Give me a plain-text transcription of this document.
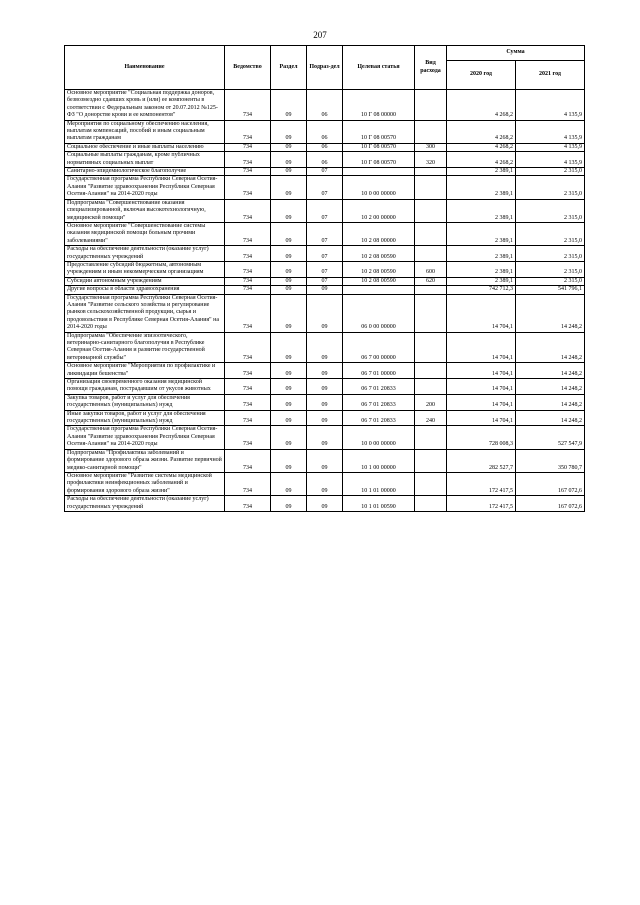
207
Наименование	Ведомство	Раздел	Подраз-дел	Целевая статья	Вид расхода	Сумма	
						2020 год	2021 год
Основное мероприятие "Социальная поддержка доноров, безвозмездно сдавших кровь и (или) ее компоненты в соответствии с Федеральным законом от 20.07.2012 №125-ФЗ "О донорстве крови и ее компонентов"	734	09	06	10 Г 08 00000		4 268,2	4 135,9
Мероприятия по социальному обеспечению населения, выплатам компенсаций, пособий и иным социальным выплатам гражданам	734	09	06	10 Г 08 00570		4 268,2	4 135,9
Социальное обеспечение и иные выплаты населению	734	09	06	10 Г 08 00570	300	4 268,2	4 135,9
Социальные выплаты гражданам, кроме публичных нормативных социальных выплат	734	09	06	10 Г 08 00570	320	4 268,2	4 135,9
Санитарно-эпидемиологическое благополучие	734	09	07			2 389,1	2 315,0
Государственная программа Республики Северная Осетия-Алания "Развитие здравоохранения Республики Северная Осетия-Алания" на 2014-2020 годы	734	09	07	10 0 00 00000		2 389,1	2 315,0
Подпрограмма "Совершенствование оказания специализированной, включая высокотехнологичную, медицинской помощи"	734	09	07	10 2 00 00000		2 389,1	2 315,0
Основное мероприятие "Совершенствование системы оказания медицинской помощи больным прочими заболеваниями"	734	09	07	10 2 08 00000		2 389,1	2 315,0
Расходы на обеспечение деятельности (оказание услуг) государственных учреждений	734	09	07	10 2 08 00590		2 389,1	2 315,0
Предоставление субсидий бюджетным, автономным учреждениям и иным некоммерческим организациям	734	09	07	10 2 08 00590	600	2 389,1	2 315,0
Субсидии автономным учреждениям	734	09	07	10 2 08 00590	620	2 389,1	2 315,0
Другие вопросы в области здравоохранения	734	09	09			742 712,3	541 796,1
Государственная программа Республики Северная Осетия-Алания "Развитие сельского хозяйства и регулирование рынков сельскохозяйственной продукции, сырья и продовольствия в Республике Северная Осетия-Алания" на 2014-2020 годы	734	09	09	06 0 00 00000		14 704,1	14 248,2
Подпрограмма "Обеспечение эпизоотического, ветеринарно-санитарного благополучия в Республике Северная Осетия-Алания и развитие государственной ветеринарной службы"	734	09	09	06 7 00 00000		14 704,1	14 248,2
Основное мероприятие "Мероприятия по профилактике и ликвидации бешенства"	734	09	09	06 7 01 00000		14 704,1	14 248,2
Организация своевременного оказания медицинской помощи гражданам, пострадавшим от укусов животных	734	09	09	06 7 01 20833		14 704,1	14 248,2
Закупка товаров, работ и услуг для обеспечения государственных (муниципальных) нужд	734	09	09	06 7 01 20833	200	14 704,1	14 248,2
Иные закупки товаров, работ и услуг для обеспечения государственных (муниципальных) нужд	734	09	09	06 7 01 20833	240	14 704,1	14 248,2
Государственная программа Республики Северная Осетия-Алания "Развитие здравоохранения Республики Северная Осетия-Алания" на 2014-2020 годы	734	09	09	10 0 00 00000		728 008,3	527 547,9
Подпрограмма "Профилактика заболеваний и формирование здорового образа жизни. Развитие первичной медико-санитарной помощи"	734	09	09	10 1 00 00000		282 527,7	350 780,7
Основное мероприятие "Развитие системы медицинской профилактики неинфекционных заболеваний и формирования здорового образа жизни"	734	09	09	10 1 01 00000		172 417,5	167 072,6
Расходы на обеспечение деятельности (оказание услуг) государственных учреждений	734	09	09	10 1 01 00590		172 417,5	167 072,6
